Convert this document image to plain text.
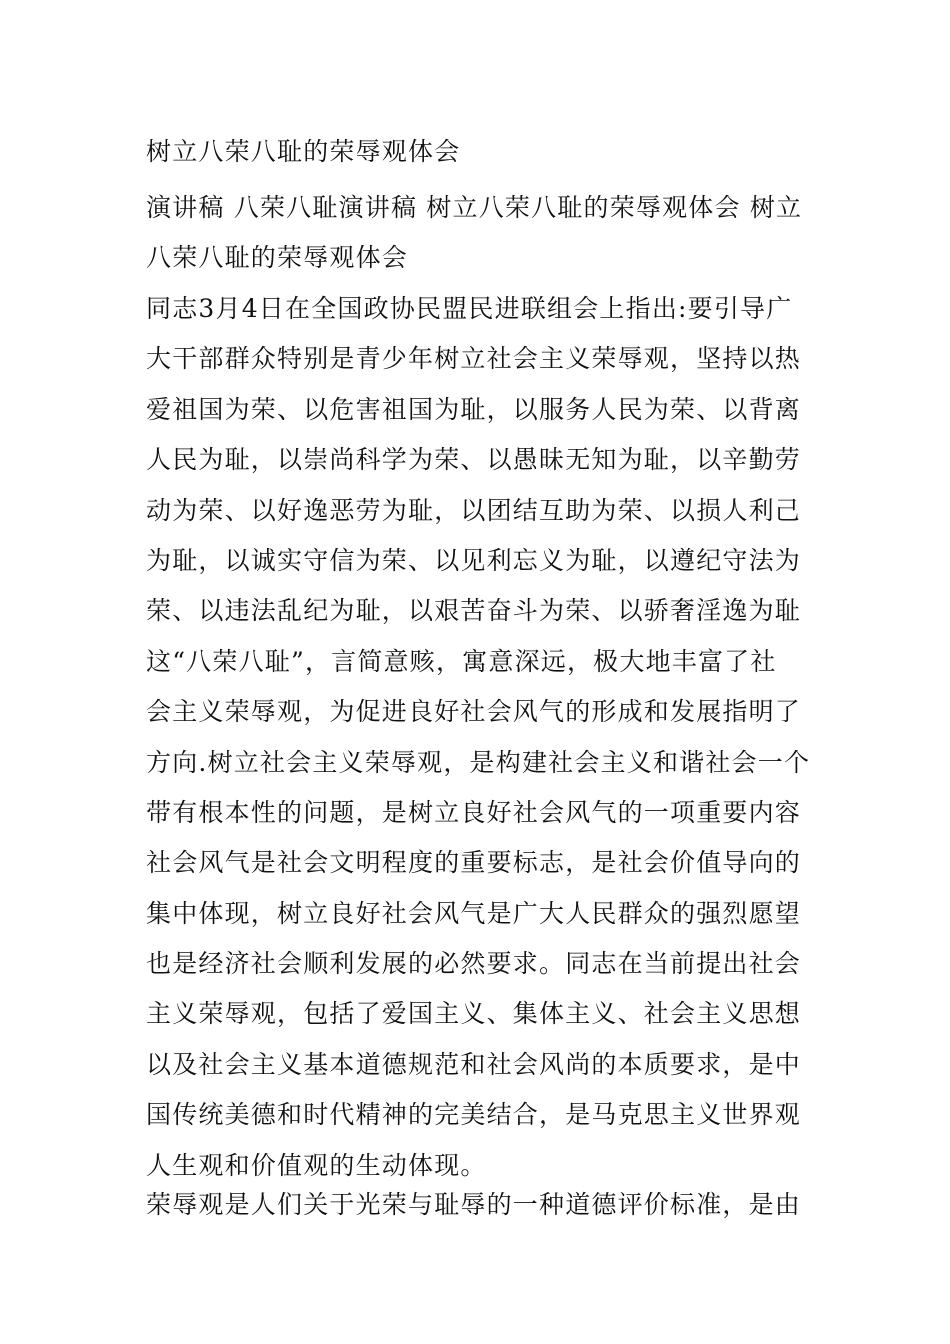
树立八荣八耻的荣辱观体会

演讲稿 八荣八耻演讲稿 树立八荣八耻的荣辱观体会 树立

八荣八耻的荣辱观体会

同志3月4日在全国政协民盟民进联组会上指出:要引导广

大干部群众特别是青少年树立社会主义荣辱观，坚持以热

爱祖国为荣、以危害祖国为耻，以服务人民为荣、以背离

人民为耻，以崇尚科学为荣、以愚昧无知为耻，以辛勤劳

动为荣、以好逸恶劳为耻，以团结互助为荣、以损人利己

为耻，以诚实守信为荣、以见利忘义为耻，以遵纪守法为

荣、以违法乱纪为耻，以艰苦奋斗为荣、以骄奢淫逸为耻

这“八荣八耻”，言简意赅，寓意深远，极大地丰富了社

会主义荣辱观，为促进良好社会风气的形成和发展指明了

方向.树立社会主义荣辱观，是构建社会主义和谐社会一个

带有根本性的问题，是树立良好社会风气的一项重要内容

社会风气是社会文明程度的重要标志，是社会价值导向的

集中体现，树立良好社会风气是广大人民群众的强烈愿望

也是经济社会顺利发展的必然要求。同志在当前提出社会

主义荣辱观，包括了爱国主义、集体主义、社会主义思想

以及社会主义基本道德规范和社会风尚的本质要求，是中

国传统美德和时代精神的完美结合，是马克思主义世界观

人生观和价值观的生动体现。

荣辱观是人们关于光荣与耻辱的一种道德评价标准，是由
